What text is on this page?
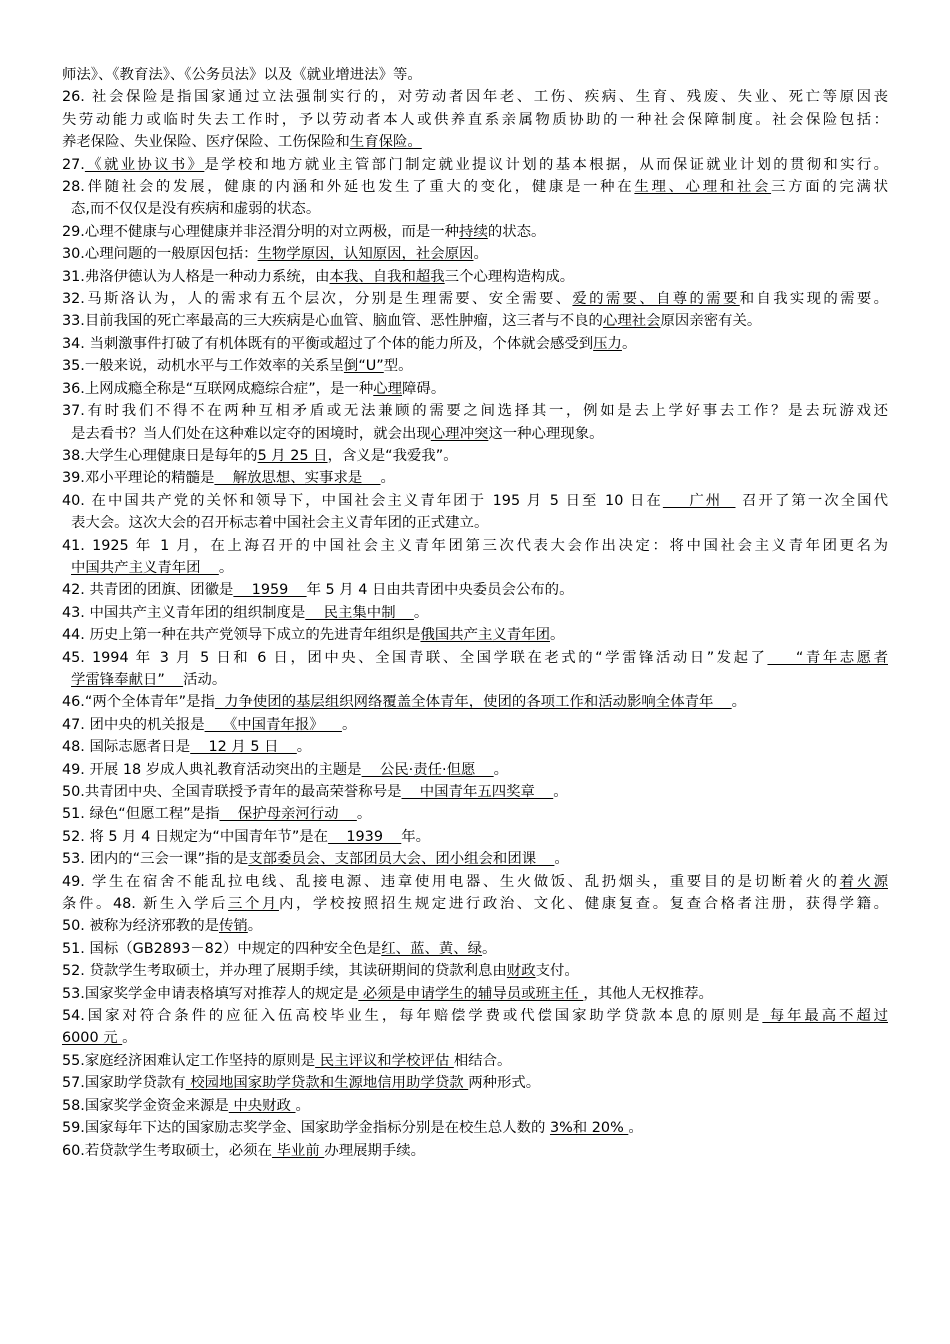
师法》、《教育法》、《公务员法》以及《就业增进法》等。
26. 社会保险是指国家通过立法强制实行的，对劳动者因年老、工伤、疾病、生育、残废、失业、死亡等原因丧
失劳动能力或临时失去工作时，予以劳动者本人或供养直系亲属物质协助的一种社会保障制度。社会保险包括：
养老保险、失业保险、医疗保险、工伤保险和生育保险。
27.《就业协议书》是学校和地方就业主管部门制定就业提议计划的基本根据，从而保证就业计划的贯彻和实行。
28.伴随社会的发展，健康的内涵和外延也发生了重大的变化，健康是一种在生理、心理和社会三方面的完满状
态,而不仅仅是没有疾病和虚弱的状态。
29.心理不健康与心理健康并非泾渭分明的对立两极，而是一种持续的状态。
30.心理问题的一般原因包括：生物学原因，认知原因，社会原因。
31.弗洛伊德认为人格是一种动力系统，由本我、自我和超我三个心理构造构成。
32.马斯洛认为，人的需求有五个层次，分别是生理需要、安全需要、爱的需要、自尊的需要和自我实现的需要。
33.目前我国的死亡率最高的三大疾病是心血管、脑血管、恶性肿瘤，这三者与不良的心理社会原因亲密有关。
34. 当刺激事件打破了有机体既有的平衡或超过了个体的能力所及，个体就会感受到压力。
35.一般来说，动机水平与工作效率的关系呈倒“U”型。
36.上网成瘾全称是“互联网成瘾综合症”，是一种心理障碍。
37.有时我们不得不在两种互相矛盾或无法兼顾的需要之间选择其一，例如是去上学好事去工作？是去玩游戏还
是去看书？当人们处在这种难以定夺的困境时，就会出现心理冲突这一种心理现象。
38.大学生心理健康日是每年的5 月 25 日，含义是“我爱我”。
39.邓小平理论的精髓是    解放思想、实事求是    。
40. 在中国共产党的关怀和领导下，中国社会主义青年团于 195 月 5 日至 10 日在    广州   召开了第一次全国代
表大会。这次大会的召开标志着中国社会主义青年团的正式建立。
41. 1925 年 1 月，在上海召开的中国社会主义青年团第三次代表大会作出决定：将中国社会主义青年团更名为
中国共产主义青年团    。
42. 共青团的团旗、团徽是    1959    年 5 月 4 日由共青团中央委员会公布的。
43. 中国共产主义青年团的组织制度是    民主集中制    。
44. 历史上第一种在共产党领导下成立的先进青年组织是俄国共产主义青年团。
45. 1994 年 3 月 5 日和 6 日，团中央、全国青联、全国学联在老式的“学雷锋活动日”发起了    “青年志愿者
学雷锋奉献日”    活动。
46.“两个全体青年”是指  力争使团的基层组织网络覆盖全体青年，使团的各项工作和活动影响全体青年    。
47. 团中央的机关报是    《中国青年报》    。
48. 国际志愿者日是    12 月 5 日    。
49. 开展 18 岁成人典礼教育活动突出的主题是    公民·责任·但愿    。
50.共青团中央、全国青联授予青年的最高荣誉称号是    中国青年五四奖章    。
51. 绿色“但愿工程”是指    保护母亲河行动    。
52. 将 5 月 4 日规定为“中国青年节”是在    1939    年。
53. 团内的“三会一课”指的是支部委员会、支部团员大会、团小组会和团课    。
49. 学生在宿舍不能乱拉电线、乱接电源、违章使用电器、生火做饭、乱扔烟头，重要目的是切断着火的着火源
条件。48. 新生入学后三个月内，学校按照招生规定进行政治、文化、健康复查。复查合格者注册，获得学籍。
50. 被称为经济邪教的是传销。
51. 国标（GB2893－82）中规定的四种安全色是红、蓝、黄、绿。
52. 贷款学生考取硕士，并办理了展期手续，其读研期间的贷款利息由财政支付。
53.国家奖学金申请表格填写对推荐人的规定是 必须是申请学生的辅导员或班主任 ，其他人无权推荐。
54.国家对符合条件的应征入伍高校毕业生，每年赔偿学费或代偿国家助学贷款本息的原则是 每年最高不超过
6000 元 。
55.家庭经济困难认定工作坚持的原则是 民主评议和学校评估 相结合。
57.国家助学贷款有 校园地国家助学贷款和生源地信用助学贷款 两种形式。
58.国家奖学金资金来源是 中央财政 。
59.国家每年下达的国家励志奖学金、国家助学金指标分别是在校生总人数的 3%和 20% 。
60.若贷款学生考取硕士，必须在 毕业前 办理展期手续。
